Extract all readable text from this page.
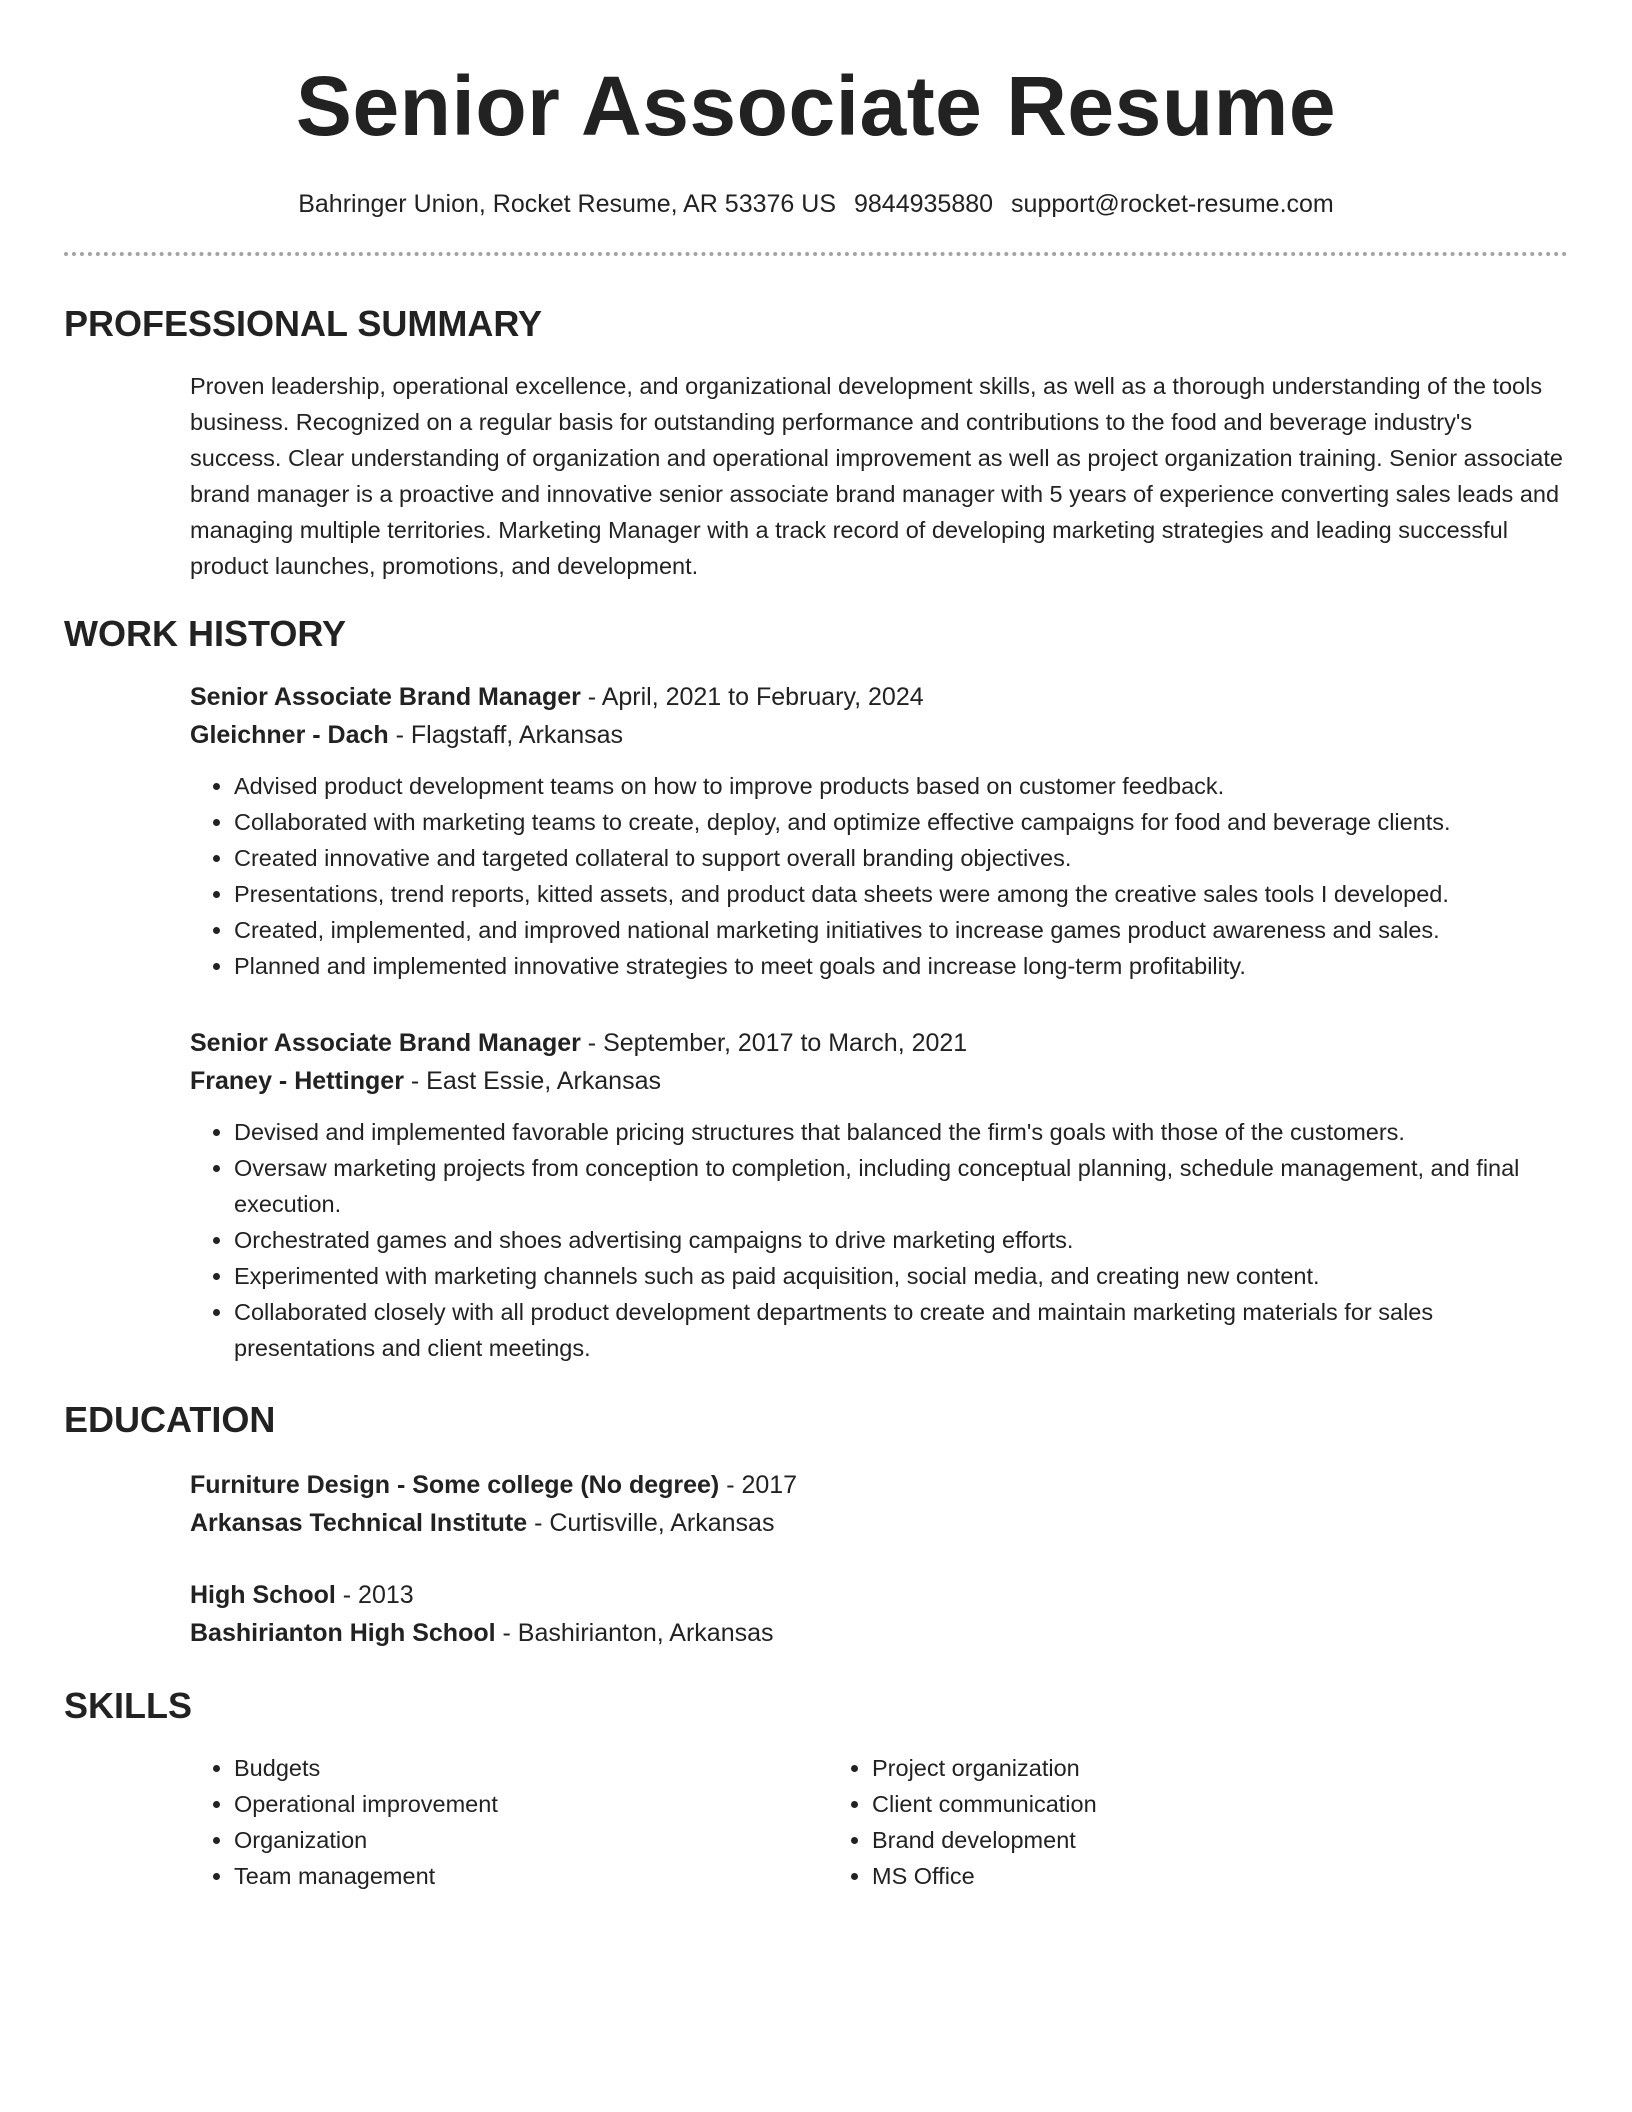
Senior Associate Resume
Bahringer Union, Rocket Resume, AR 53376 US 9844935880 support@rocket-resume.com
PROFESSIONAL SUMMARY
Proven leadership, operational excellence, and organizational development skills, as well as a thorough understanding of the tools business. Recognized on a regular basis for outstanding performance and contributions to the food and beverage industry's success. Clear understanding of organization and operational improvement as well as project organization training. Senior associate brand manager is a proactive and innovative senior associate brand manager with 5 years of experience converting sales leads and managing multiple territories. Marketing Manager with a track record of developing marketing strategies and leading successful product launches, promotions, and development.
WORK HISTORY
Senior Associate Brand Manager - April, 2021 to February, 2024
Gleichner - Dach - Flagstaff, Arkansas
• Advised product development teams on how to improve products based on customer feedback.
• Collaborated with marketing teams to create, deploy, and optimize effective campaigns for food and beverage clients.
• Created innovative and targeted collateral to support overall branding objectives.
• Presentations, trend reports, kitted assets, and product data sheets were among the creative sales tools I developed.
• Created, implemented, and improved national marketing initiatives to increase games product awareness and sales.
• Planned and implemented innovative strategies to meet goals and increase long-term profitability.
Senior Associate Brand Manager - September, 2017 to March, 2021
Franey - Hettinger - East Essie, Arkansas
• Devised and implemented favorable pricing structures that balanced the firm's goals with those of the customers.
• Oversaw marketing projects from conception to completion, including conceptual planning, schedule management, and final execution.
• Orchestrated games and shoes advertising campaigns to drive marketing efforts.
• Experimented with marketing channels such as paid acquisition, social media, and creating new content.
• Collaborated closely with all product development departments to create and maintain marketing materials for sales presentations and client meetings.
EDUCATION
Furniture Design - Some college (No degree) - 2017
Arkansas Technical Institute - Curtisville, Arkansas
High School - 2013
Bashirianton High School - Bashirianton, Arkansas
SKILLS
• Budgets
• Operational improvement
• Organization
• Team management
• Project organization
• Client communication
• Brand development
• MS Office
